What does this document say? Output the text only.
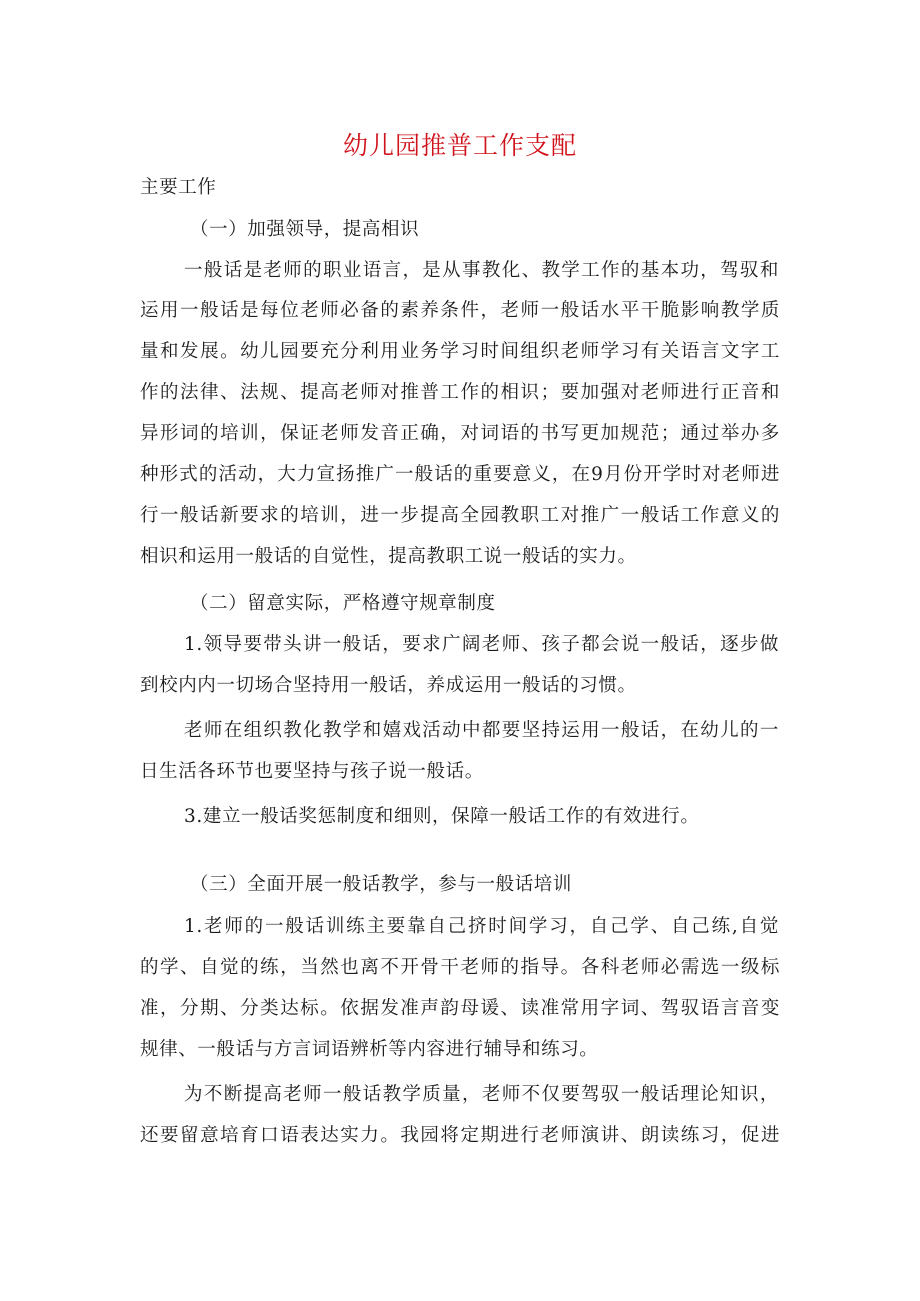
幼儿园推普工作支配
主要工作
（一）加强领导，提高相识
一般话是老师的职业语言，是从事教化、教学工作的基本功，驾驭和
运用一般话是每位老师必备的素养条件，老师一般话水平干脆影响教学质
量和发展。幼儿园要充分利用业务学习时间组织老师学习有关语言文字工
作的法律、法规、提高老师对推普工作的相识；要加强对老师进行正音和
异形词的培训，保证老师发音正确，对词语的书写更加规范；通过举办多
种形式的活动，大力宣扬推广一般话的重要意义，在9月份开学时对老师进
行一般话新要求的培训，进一步提高全园教职工对推广一般话工作意义的
相识和运用一般话的自觉性，提高教职工说一般话的实力。
（二）留意实际，严格遵守规章制度
1.领导要带头讲一般话，要求广阔老师、孩子都会说一般话，逐步做
到校内内一切场合坚持用一般话，养成运用一般话的习惯。
老师在组织教化教学和嬉戏活动中都要坚持运用一般话，在幼儿的一
日生活各环节也要坚持与孩子说一般话。
3.建立一般话奖惩制度和细则，保障一般话工作的有效进行。
（三）全面开展一般话教学，参与一般话培训
1.老师的一般话训练主要靠自己挤时间学习，自己学、自己练,自觉
的学、自觉的练，当然也离不开骨干老师的指导。各科老师必需选一级标
准，分期、分类达标。依据发准声韵母谖、读准常用字词、驾驭语言音变
规律、一般话与方言词语辨析等内容进行辅导和练习。
为不断提高老师一般话教学质量，老师不仅要驾驭一般话理论知识，
还要留意培育口语表达实力。我园将定期进行老师演讲、朗读练习，促进
